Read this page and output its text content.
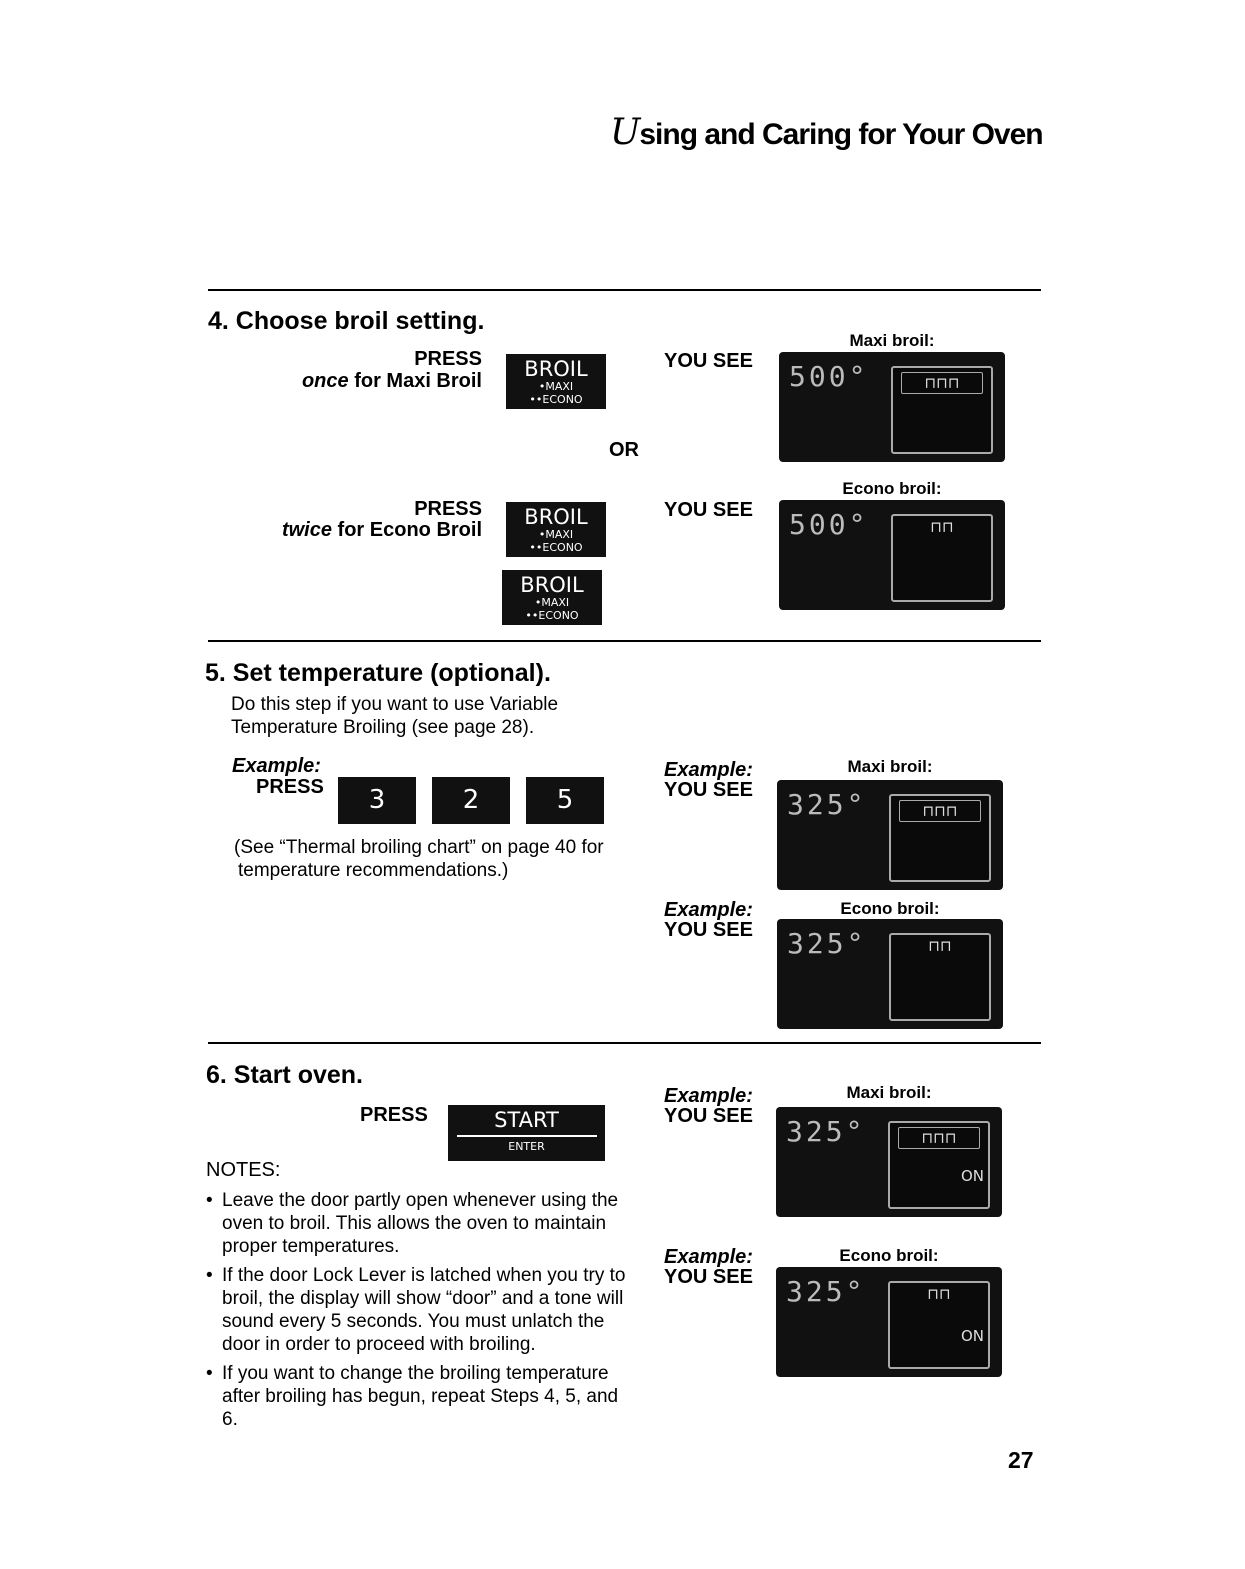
Using and Caring for Your Oven
4. Choose broil setting.
PRESS
once for Maxi Broil	BROIL
•MAXI
••ECONO
YOU SEE
Maxi broil:
500°	⊓⊓⊓
OR
PRESS
twice for Econo Broil
BROIL
•MAXI
••ECONO
BROIL
•MAXI
••ECONO
YOU SEE
Econo broil:
500°	⊓⊓
5. Set temperature (optional).
Do this step if you want to use Variable
Temperature Broiling (see page 28).
Example:
PRESS	3	2	5
(See “Thermal broiling chart” on page 40 for
temperature recommendations.)
Example:
YOU SEE
Maxi broil:
325°	⊓⊓⊓
Example:
YOU SEE
Econo broil:
325°	⊓⊓
6. Start oven.
PRESS	START
ENTER
NOTES:
• Leave the door partly open whenever using the oven to broil. This allows the oven to maintain proper temperatures.
• If the door Lock Lever is latched when you try to broil, the display will show “door” and a tone will sound every 5 seconds. You must unlatch the door in order to proceed with broiling.
• If you want to change the broiling temperature after broiling has begun, repeat Steps 4, 5, and 6.
Example:
YOU SEE
Maxi broil:
325°	⊓⊓⊓
ON
Example:
YOU SEE
Econo broil:
325°	⊓⊓
ON
27
